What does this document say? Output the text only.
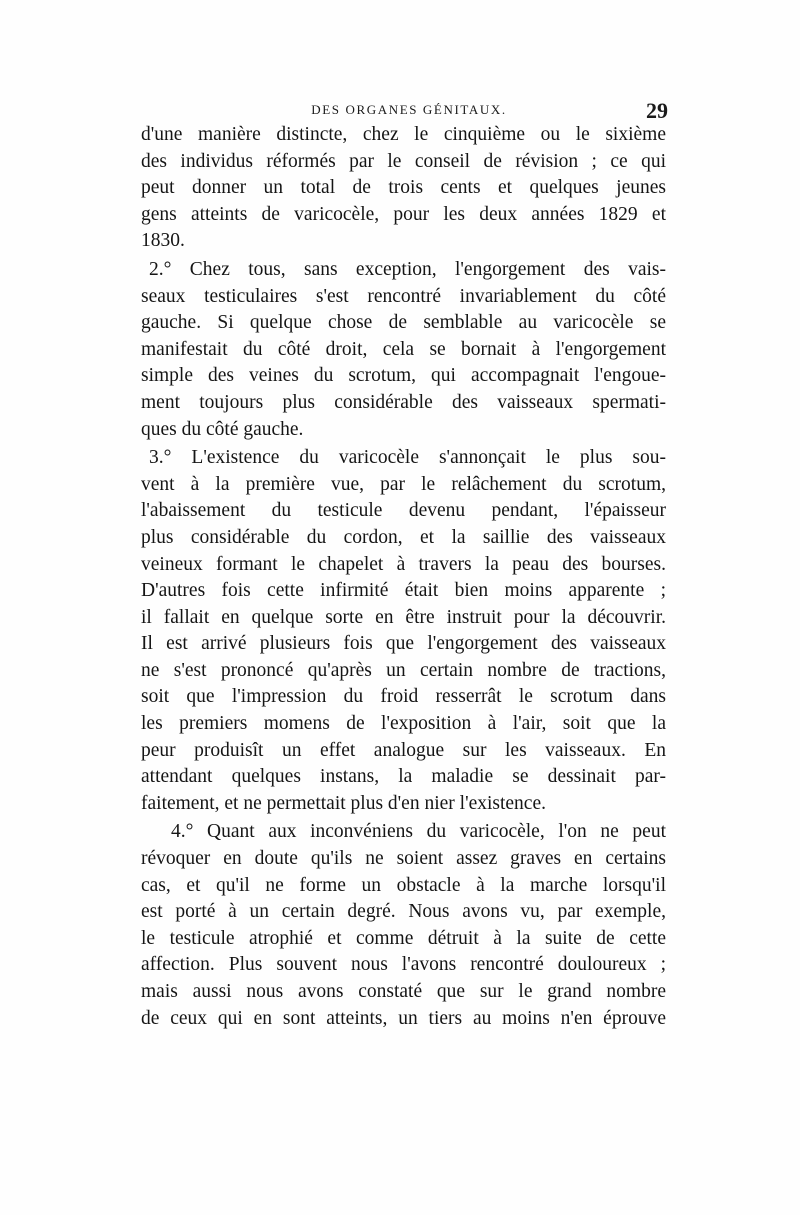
DES ORGANES GÉNITAUX.	29
d'une manière distincte, chez le cinquième ou le sixième
des individus réformés par le conseil de révision ; ce qui
peut donner un total de trois cents et quelques jeunes
gens atteints de varicocèle, pour les deux années 1829 et
1830.
2.° Chez tous, sans exception, l'engorgement des vais-
seaux testiculaires s'est rencontré invariablement du côté
gauche. Si quelque chose de semblable au varicocèle se
manifestait du côté droit, cela se bornait à l'engorgement
simple des veines du scrotum, qui accompagnait l'engoue-
ment toujours plus considérable des vaisseaux spermati-
ques du côté gauche.
3.° L'existence du varicocèle s'annonçait le plus sou-
vent à la première vue, par le relâchement du scrotum,
l'abaissement du testicule devenu pendant, l'épaisseur
plus considérable du cordon, et la saillie des vaisseaux
veineux formant le chapelet à travers la peau des bourses.
D'autres fois cette infirmité était bien moins apparente ;
il fallait en quelque sorte en être instruit pour la découvrir.
Il est arrivé plusieurs fois que l'engorgement des vaisseaux
ne s'est prononcé qu'après un certain nombre de tractions,
soit que l'impression du froid resserrât le scrotum dans
les premiers momens de l'exposition à l'air, soit que la
peur produisît un effet analogue sur les vaisseaux. En
attendant quelques instans, la maladie se dessinait par-
faitement, et ne permettait plus d'en nier l'existence.
4.° Quant aux inconvéniens du varicocèle, l'on ne peut
révoquer en doute qu'ils ne soient assez graves en certains
cas, et qu'il ne forme un obstacle à la marche lorsqu'il
est porté à un certain degré. Nous avons vu, par exemple,
le testicule atrophié et comme détruit à la suite de cette
affection. Plus souvent nous l'avons rencontré douloureux ;
mais aussi nous avons constaté que sur le grand nombre
de ceux qui en sont atteints, un tiers au moins n'en éprouve
